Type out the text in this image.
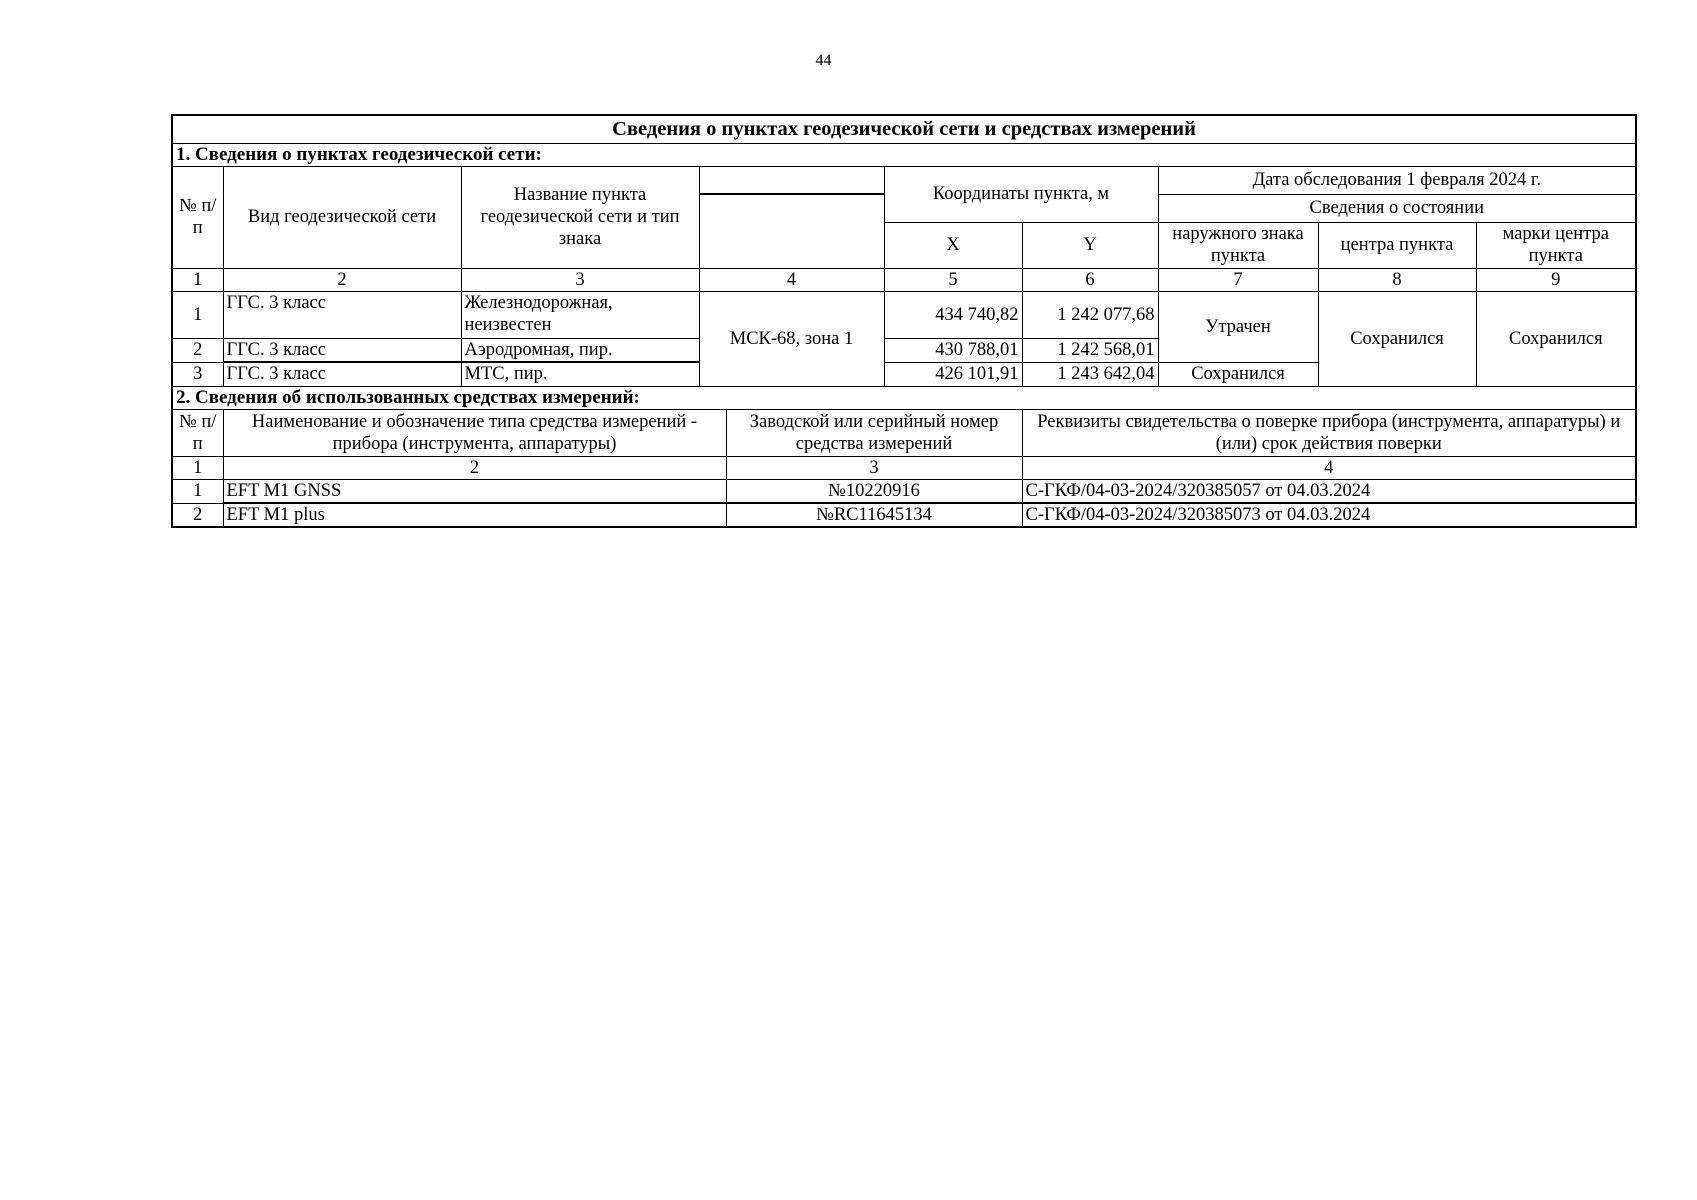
44
Сведения о пунктах геодезической сети и средствах измерений									
1. Сведения о пунктах геодезической сети:									
№ п/п	Вид геодезической сети	Название пункта геодезической сети и тип знака			Координаты пункта, м		Дата обследования 1 февраля 2024 г.		
							Сведения о состоянии		
					X	Y	наружного знака пункта	центра пункта	марки центра пункта
1	2	3	4		5	6	7	8	9
1	ГГС. 3 класс	Железнодорожная, неизвестен	МСК-68, зона 1		434 740,82	1 242 077,68	Утрачен	Сохранился	Сохранился
2	ГГС. 3 класс	Аэродромная, пир.			430 788,01	1 242 568,01			
3	ГГС. 3 класс	МТС, пир.			426 101,91	1 243 642,04	Сохранился		
2. Сведения об использованных средствах измерений:									
№ п/п	Наименование и обозначение типа средства измерений - прибора (инструмента, аппаратуры)			Заводской или серийный номер средства измерений		Реквизиты свидетельства о поверке прибора (инструмента, аппаратуры) и (или) срок действия поверки			
1	2			3		4			
1	EFT M1 GNSS			№10220916		С-ГКФ/04-03-2024/320385057 от 04.03.2024			
2	EFT M1 plus			№RC11645134		С-ГКФ/04-03-2024/320385073 от 04.03.2024			
